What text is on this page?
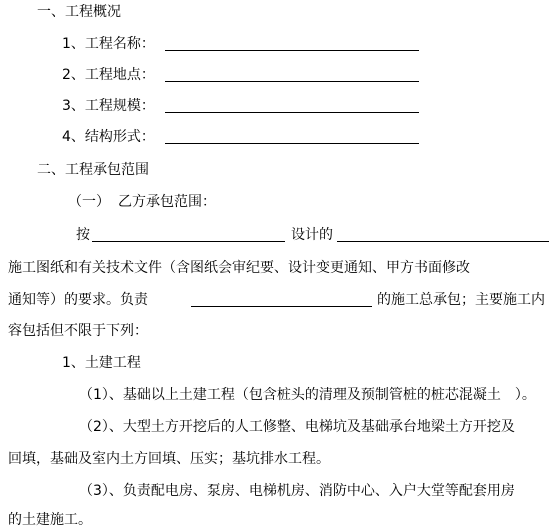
一、工程概况
1、工程名称：
2、工程地点：
3、工程规模：
4、结构形式：
二、工程承包范围
（一） 乙方承包范围：
按	设计的
施工图纸和有关技术文件（含图纸会审纪要、设计变更通知、甲方书面修改
通知等）的要求。负责	的施工总承包；主要施工内
容包括但不限于下列：
1、土建工程
（1）、基础以上土建工程（包含桩头的清理及预制管桩的桩芯混凝土　）。
（2）、大型土方开挖后的人工修整、电梯坑及基础承台地梁土方开挖及
回填，基础及室内土方回填、压实；基坑排水工程。
（3）、负责配电房、泵房、电梯机房、消防中心、入户大堂等配套用房
的土建施工。
